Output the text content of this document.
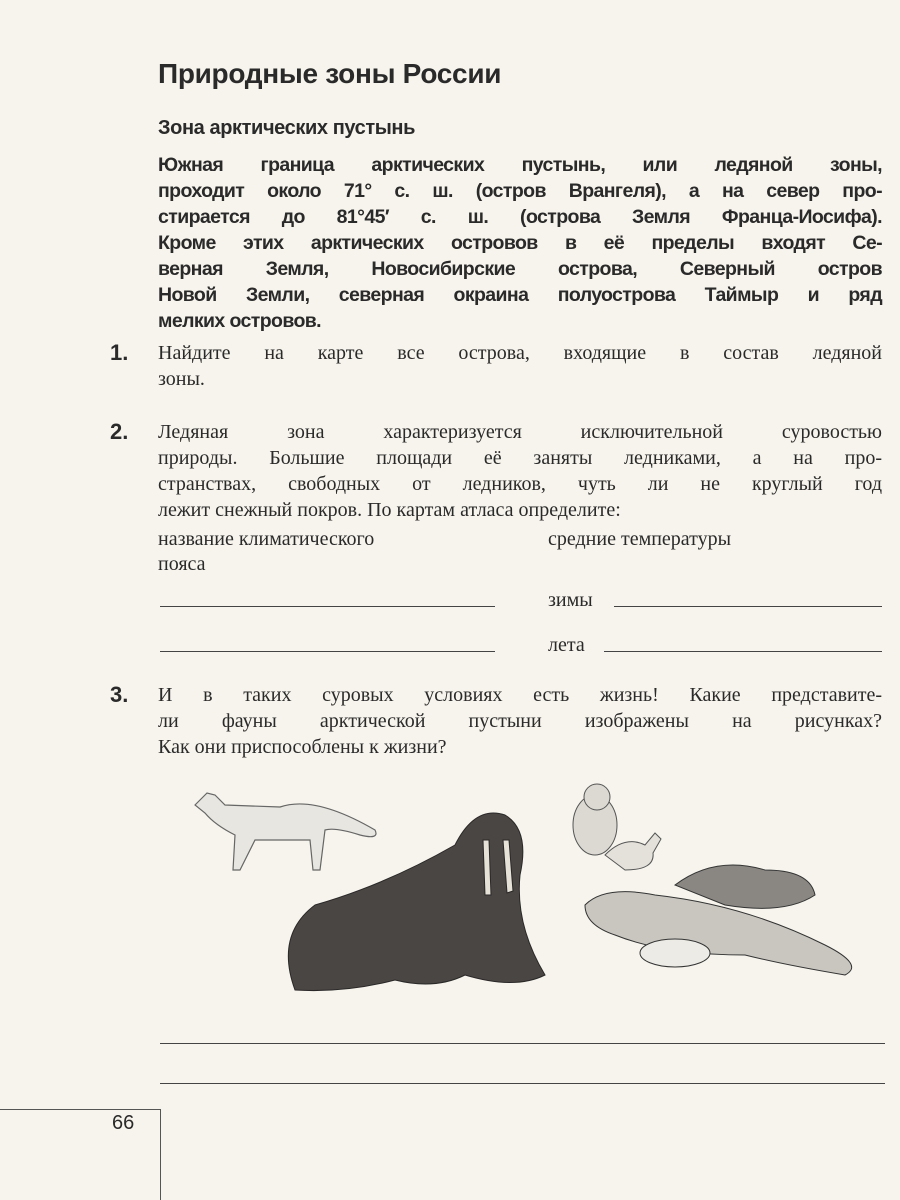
Природные зоны России
Зона арктических пустынь
Южная граница арктических пустынь, или ледяной зоны,
проходит около 71° с. ш. (остров Врангеля), а на север про-
стирается до 81°45′ с. ш. (острова Земля Франца-Иосифа).
Кроме этих арктических островов в её пределы входят Се-
верная Земля, Новосибирские острова, Северный остров
Новой Земли, северная окраина полуострова Таймыр и ряд
мелких островов.
1. Найдите на карте все острова, входящие в состав ледяной
зоны.
2. Ледяная зона характеризуется исключительной суровостью
природы. Большие площади её заняты ледниками, а на про-
странствах, свободных от ледников, чуть ли не круглый год
лежит снежный покров. По картам атласа определите:
название климатического
пояса
средние температуры
зимы
лета
3. И в таких суровых условиях есть жизнь! Какие представите-
ли фауны арктической пустыни изображены на рисунках?
Как они приспособлены к жизни?
66
